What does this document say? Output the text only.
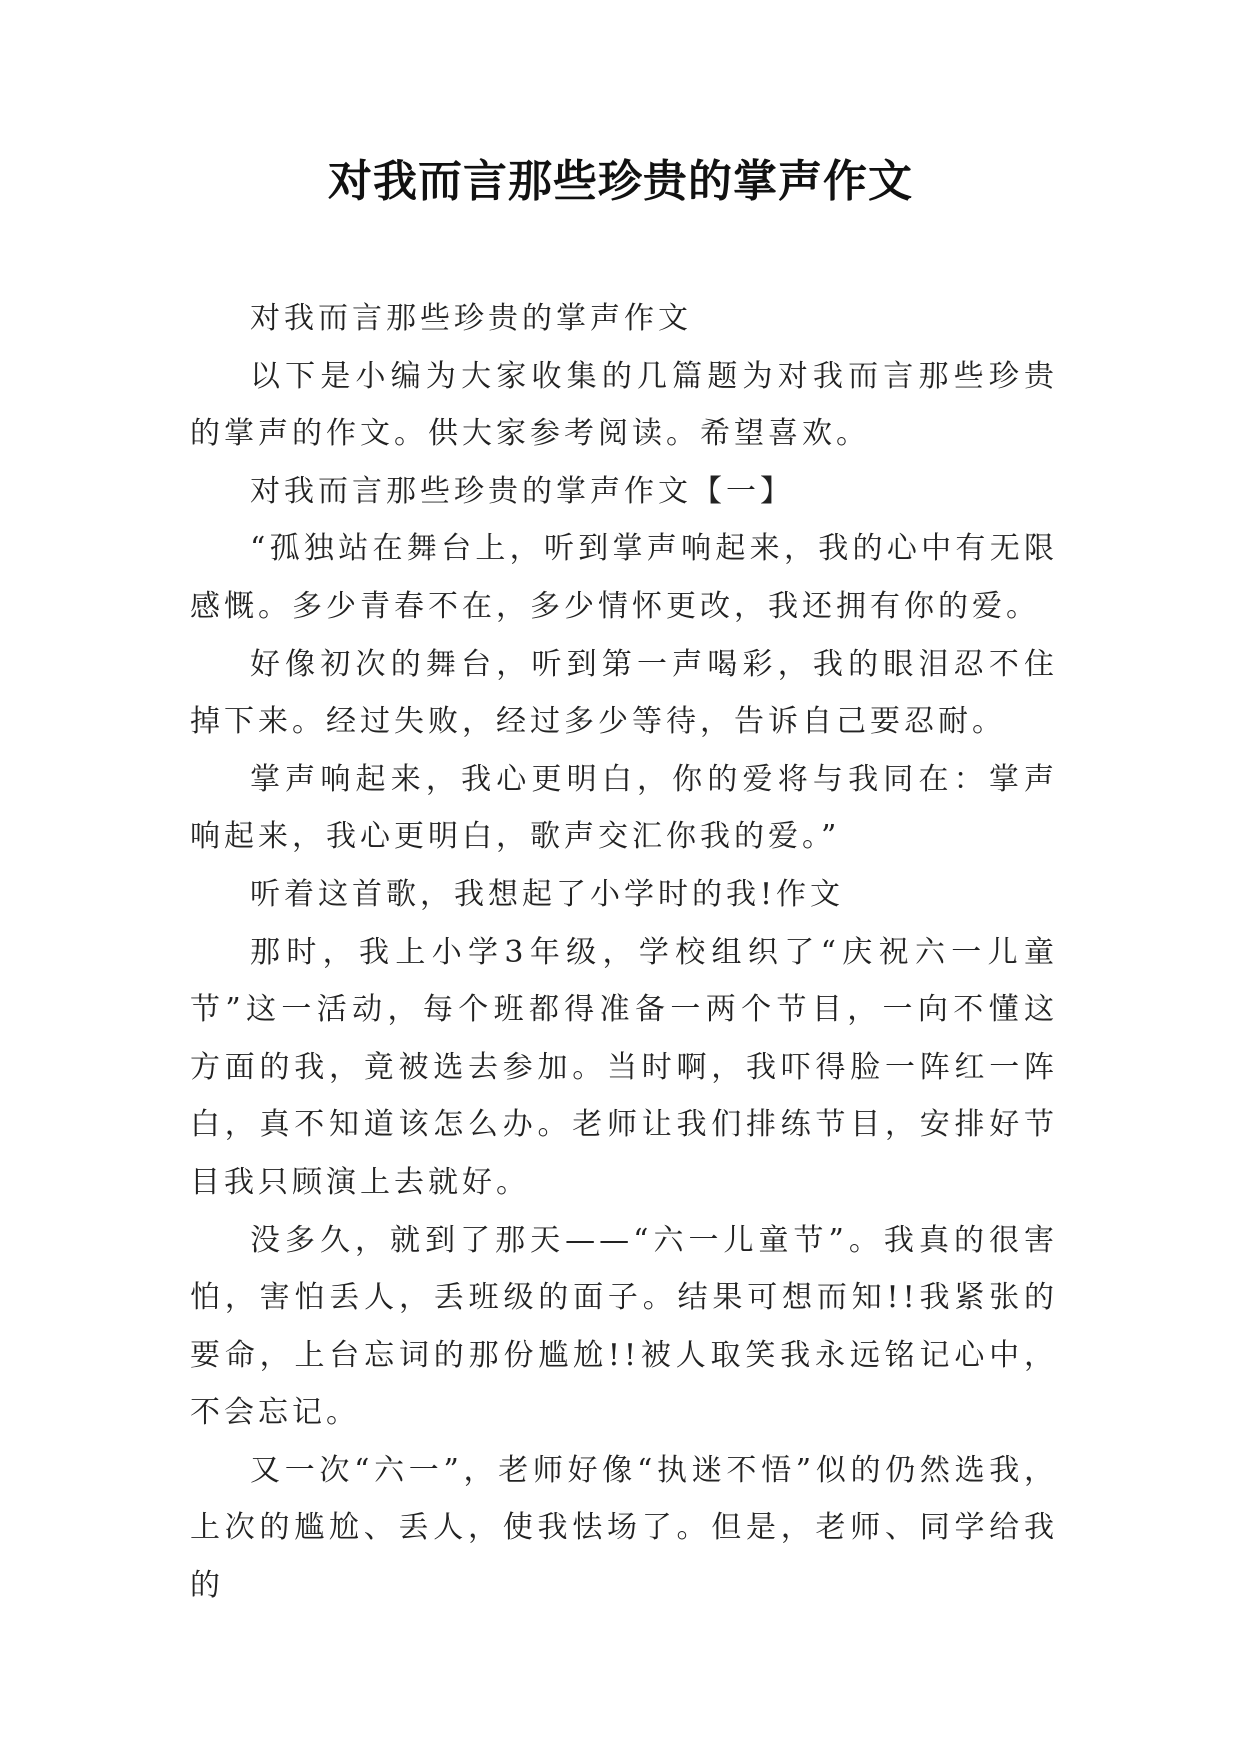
对我而言那些珍贵的掌声作文

对我而言那些珍贵的掌声作文

以下是小编为大家收集的几篇题为对我而言那些珍贵的掌声的作文。供大家参考阅读。希望喜欢。

对我而言那些珍贵的掌声作文【一】

“孤独站在舞台上，听到掌声响起来，我的心中有无限感慨。多少青春不在，多少情怀更改，我还拥有你的爱。

好像初次的舞台，听到第一声喝彩，我的眼泪忍不住掉下来。经过失败，经过多少等待，告诉自己要忍耐。

掌声响起来，我心更明白，你的爱将与我同在：掌声响起来，我心更明白，歌声交汇你我的爱。”

听着这首歌，我想起了小学时的我!作文

那时，我上小学3年级，学校组织了“庆祝六一儿童节”这一活动，每个班都得准备一两个节目，一向不懂这方面的我，竟被选去参加。当时啊，我吓得脸一阵红一阵白，真不知道该怎么办。老师让我们排练节目，安排好节目我只顾演上去就好。

没多久，就到了那天——“六一儿童节”。我真的很害怕，害怕丢人，丢班级的面子。结果可想而知!!我紧张的要命，上台忘词的那份尴尬!!被人取笑我永远铭记心中，不会忘记。

又一次“六一”，老师好像“执迷不悟”似的仍然选我，上次的尴尬、丢人，使我怯场了。但是，老师、同学给我的
